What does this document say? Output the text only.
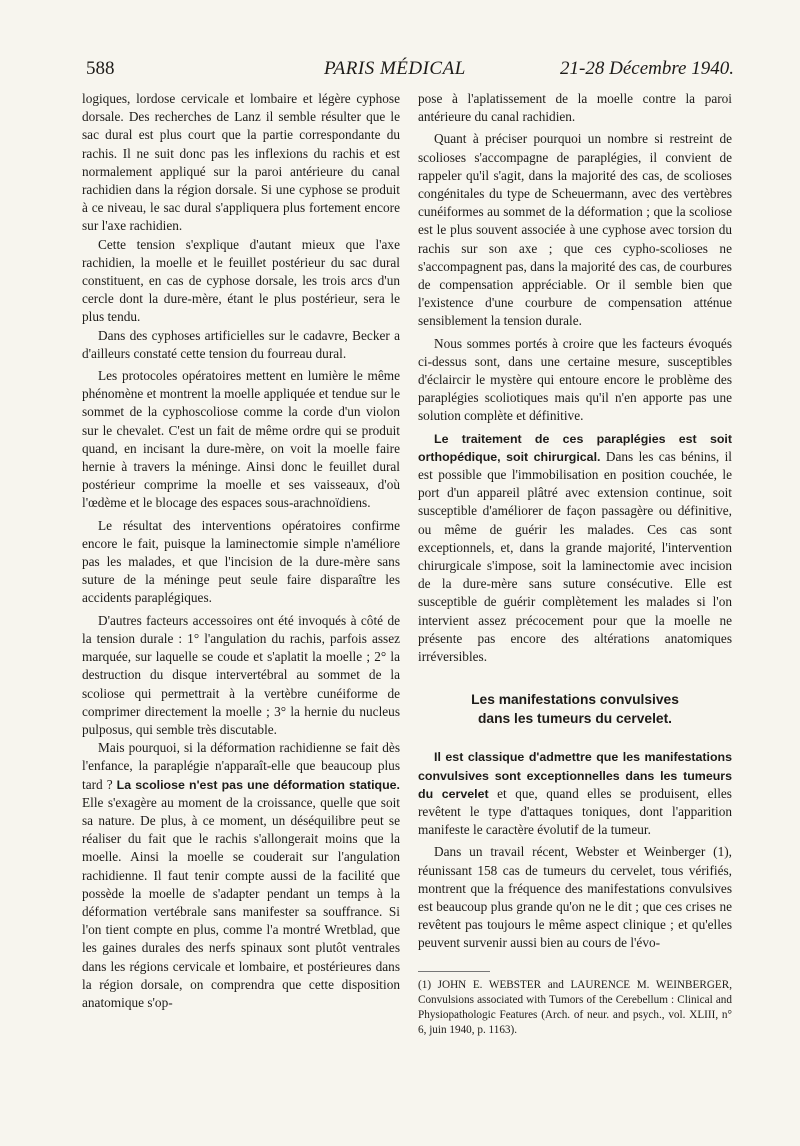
588	PARIS MÉDICAL	21-28 Décembre 1940.

logiques, lordose cervicale et lombaire et légère cyphose dorsale. Des recherches de Lanz il semble résulter que le sac dural est plus court que la partie correspondante du rachis. Il ne suit donc pas les inflexions du rachis et est normalement appliqué sur la paroi antérieure du canal rachidien dans la région dorsale. Si une cyphose se produit à ce niveau, le sac dural s'appliquera plus fortement encore sur l'axe rachidien.

Cette tension s'explique d'autant mieux que l'axe rachidien, la moelle et le feuillet postérieur du sac dural constituent, en cas de cyphose dorsale, les trois arcs d'un cercle dont la dure-mère, étant le plus postérieur, sera le plus tendu.

Dans des cyphoses artificielles sur le cadavre, Becker a d'ailleurs constaté cette tension du fourreau dural.

Les protocoles opératoires mettent en lumière le même phénomène et montrent la moelle appliquée et tendue sur le sommet de la cyphoscoliose comme la corde d'un violon sur le chevalet. C'est un fait de même ordre qui se produit quand, en incisant la dure-mère, on voit la moelle faire hernie à travers la méninge. Ainsi donc le feuillet dural postérieur comprime la moelle et ses vaisseaux, d'où l'œdème et le blocage des espaces sous-arachnoïdiens.

Le résultat des interventions opératoires confirme encore le fait, puisque la laminectomie simple n'améliore pas les malades, et que l'incision de la dure-mère sans suture de la méninge peut seule faire disparaître les accidents paraplégiques.

D'autres facteurs accessoires ont été invoqués à côté de la tension durale : 1° l'angulation du rachis, parfois assez marquée, sur laquelle se coude et s'aplatit la moelle ; 2° la destruction du disque intervertébral au sommet de la scoliose qui permettrait à la vertèbre cunéiforme de comprimer directement la moelle ; 3° la hernie du nucleus pulposus, qui semble très discutable.

Mais pourquoi, si la déformation rachidienne se fait dès l'enfance, la paraplégie n'apparaît-elle que beaucoup plus tard ? La scoliose n'est pas une déformation statique. Elle s'exagère au moment de la croissance, quelle que soit sa nature. De plus, à ce moment, un déséquilibre peut se réaliser du fait que le rachis s'allongerait moins que la moelle. Ainsi la moelle se couderait sur l'angulation rachidienne. Il faut tenir compte aussi de la facilité que possède la moelle de s'adapter pendant un temps à la déformation vertébrale sans manifester sa souffrance. Si l'on tient compte en plus, comme l'a montré Wretblad, que les gaines durales des nerfs spinaux sont plutôt ventrales dans les régions cervicale et lombaire, et postérieures dans la région dorsale, on comprendra que cette disposition anatomique s'op-

pose à l'aplatissement de la moelle contre la paroi antérieure du canal rachidien.

Quant à préciser pourquoi un nombre si restreint de scolioses s'accompagne de paraplégies, il convient de rappeler qu'il s'agit, dans la majorité des cas, de scolioses congénitales du type de Scheuermann, avec des vertèbres cunéiformes au sommet de la déformation ; que la scoliose est le plus souvent associée à une cyphose avec torsion du rachis sur son axe ; que ces cypho-scolioses ne s'accompagnent pas, dans la majorité des cas, de courbures de compensation appréciable. Or il semble bien que l'existence d'une courbure de compensation atténue sensiblement la tension durale.

Nous sommes portés à croire que les facteurs évoqués ci-dessus sont, dans une certaine mesure, susceptibles d'éclaircir le mystère qui entoure encore le problème des paraplégies scoliotiques mais qu'il n'en apporte pas une solution complète et définitive.

Le traitement de ces paraplégies est soit orthopédique, soit chirurgical. Dans les cas bénins, il est possible que l'immobilisation en position couchée, le port d'un appareil plâtré avec extension continue, soit susceptible d'améliorer de façon passagère ou définitive, ou même de guérir les malades. Ces cas sont exceptionnels, et, dans la grande majorité, l'intervention chirurgicale s'impose, soit la laminectomie avec incision de la dure-mère sans suture consécutive. Elle est susceptible de guérir complètement les malades si l'on intervient assez précocement pour que la moelle ne présente pas encore des altérations anatomiques irréversibles.

Les manifestations convulsives
dans les tumeurs du cervelet.

Il est classique d'admettre que les manifestations convulsives sont exceptionnelles dans les tumeurs du cervelet et que, quand elles se produisent, elles revêtent le type d'attaques toniques, dont l'apparition manifeste le caractère évolutif de la tumeur.

Dans un travail récent, Webster et Weinberger (1), réunissant 158 cas de tumeurs du cervelet, tous vérifiés, montrent que la fréquence des manifestations convulsives est beaucoup plus grande qu'on ne le dit ; que ces crises ne revêtent pas toujours le même aspect clinique ; et qu'elles peuvent survenir aussi bien au cours de l'évo-

(1) JOHN E. WEBSTER and LAURENCE M. WEINBERGER, Convulsions associated with Tumors of the Cerebellum : Clinical and Physiopathologic Features (Arch. of neur. and psych., vol. XLIII, n° 6, juin 1940, p. 1163).
